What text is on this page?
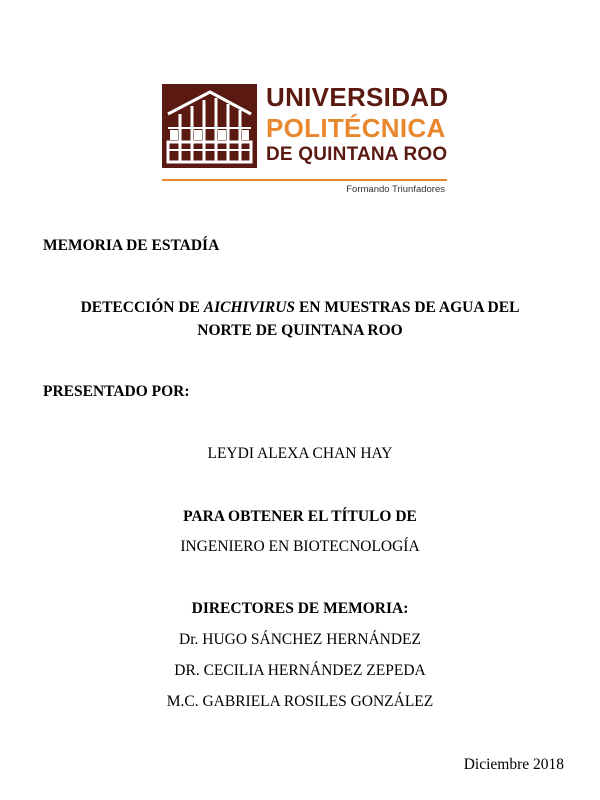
UNIVERSIDAD
POLITÉCNICA
DE QUINTANA ROO
Formando Triunfadores
MEMORIA DE ESTADÍA
DETECCIÓN DE AICHIVIRUS EN MUESTRAS DE AGUA DEL
NORTE DE QUINTANA ROO
PRESENTADO POR:
LEYDI ALEXA CHAN HAY
PARA OBTENER EL TÍTULO DE
INGENIERO EN BIOTECNOLOGÍA
DIRECTORES DE MEMORIA:
Dr. HUGO SÁNCHEZ HERNÁNDEZ
DR. CECILIA HERNÁNDEZ ZEPEDA
M.C. GABRIELA ROSILES GONZÁLEZ
Diciembre 2018
